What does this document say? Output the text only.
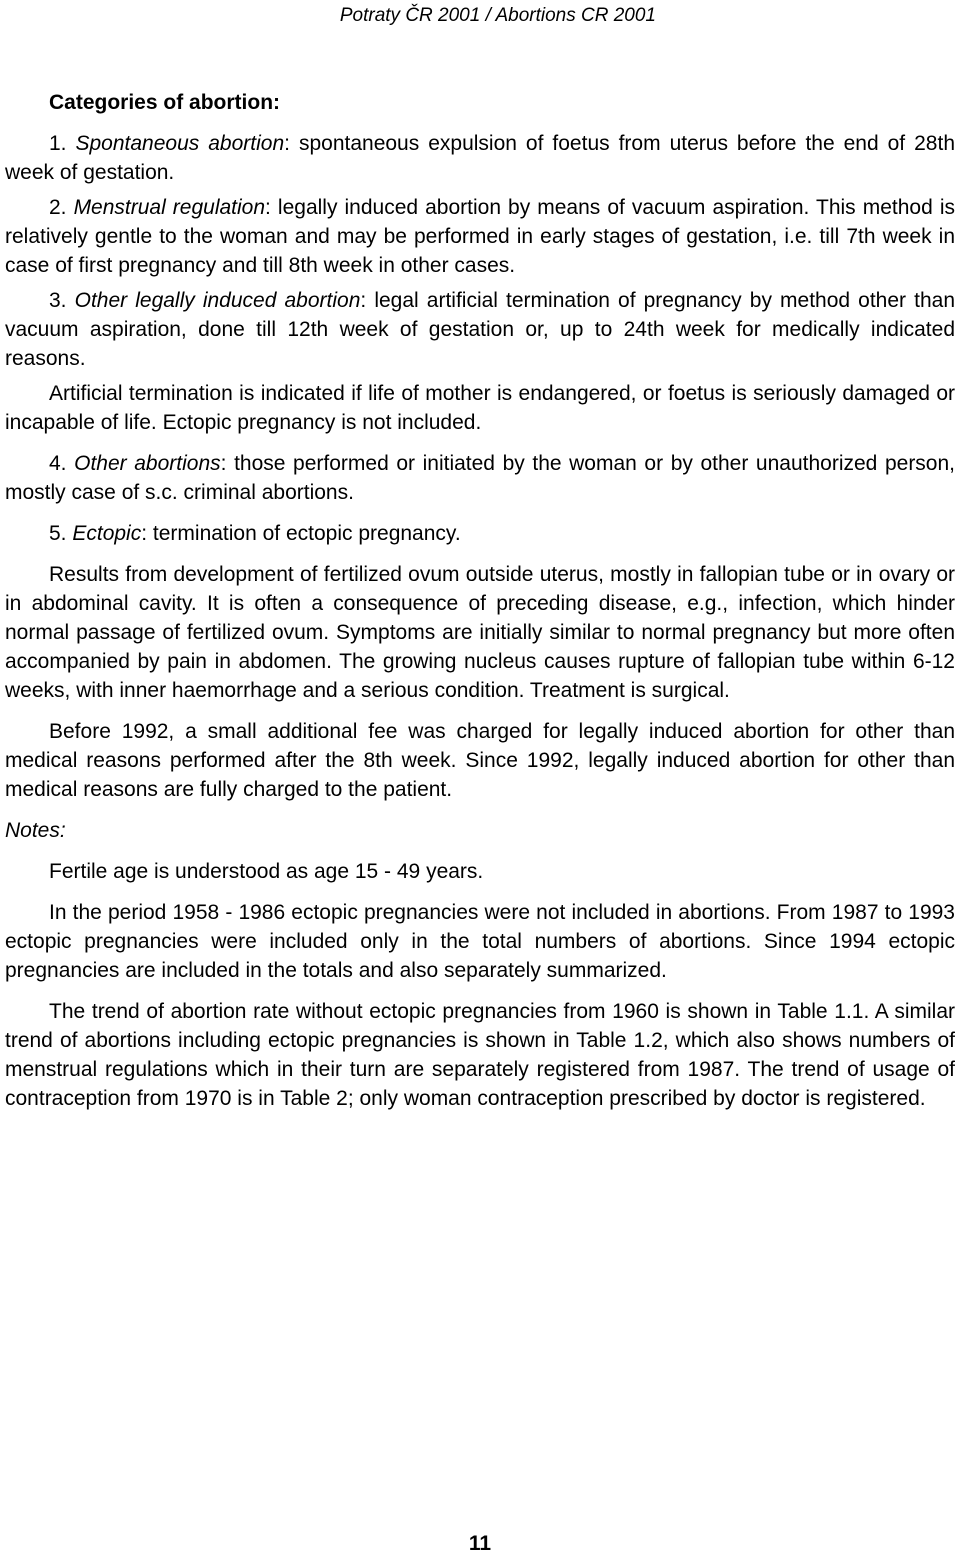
Potraty ČR 2001 / Abortions CR 2001

Categories of abortion:

1. Spontaneous abortion: spontaneous expulsion of foetus from uterus before the end of 28th week of gestation.

2. Menstrual regulation: legally induced abortion by means of vacuum aspiration. This method is relatively gentle to the woman and may be performed in early stages of gestation, i.e. till 7th week in case of first pregnancy and till 8th week in other cases.

3. Other legally induced abortion: legal artificial termination of pregnancy by method other than vacuum aspiration, done till 12th week of gestation or, up to 24th week for medically indicated reasons.

Artificial termination is indicated if life of mother is endangered, or foetus is seriously damaged or incapable of life. Ectopic pregnancy is not included.

4. Other abortions: those performed or initiated by the woman or by other unauthorized person, mostly case of s.c. criminal abortions.

5. Ectopic: termination of ectopic pregnancy.

Results from development of fertilized ovum outside uterus, mostly in fallopian tube or in ovary or in abdominal cavity. It is often a consequence of preceding disease, e.g., infection, which hinder normal passage of fertilized ovum. Symptoms are initially similar to normal pregnancy but more often accompanied by pain in abdomen. The growing nucleus causes rupture of fallopian tube within 6-12 weeks, with inner haemorrhage and a serious condition. Treatment is surgical.

Before 1992, a small additional fee was charged for legally induced abortion for other than medical reasons performed after the 8th week. Since 1992, legally induced abortion for other than medical reasons are fully charged to the patient.

Notes:

Fertile age is understood as age 15 - 49 years.

In the period 1958 - 1986 ectopic pregnancies were not included in abortions. From 1987 to 1993 ectopic pregnancies were included only in the total numbers of abortions. Since 1994 ectopic pregnancies are included in the totals and also separately summarized.

The trend of abortion rate without ectopic pregnancies from 1960 is shown in Table 1.1. A similar trend of abortions including ectopic pregnancies is shown in Table 1.2, which also shows numbers of menstrual regulations which in their turn are separately registered from 1987. The trend of usage of contraception from 1970 is in Table 2; only woman contraception prescribed by doctor is registered.

11
